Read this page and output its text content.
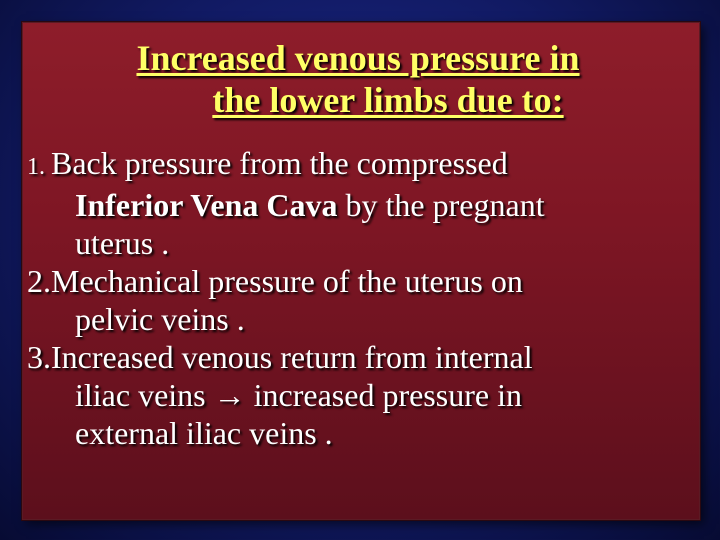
Increased venous pressure in
the lower limbs due to:
1. Back pressure from the compressed
Inferior Vena Cava by the pregnant
uterus .
2.Mechanical pressure of the uterus on
pelvic veins .
3.Increased venous return from internal
iliac veins → increased pressure in
external iliac veins .
